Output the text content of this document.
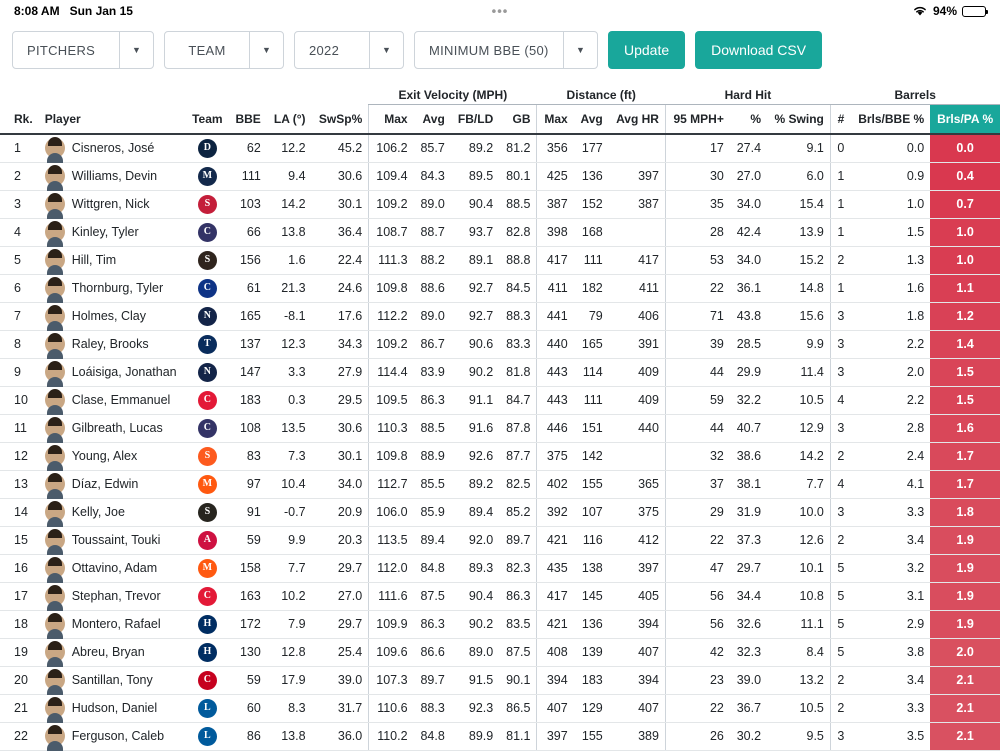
8:08 AM Sun Jan 15	•••	94%
PITCHERS	▼	TEAM	▼	2022	▼	MINIMUM BBE (50)	▼	Update	Download CSV
						Exit Velocity (MPH)				Distance (ft)			Hard Hit			Barrels		
Rk.	Player	Team	BBE	LA (°)	SwSp%	Max	Avg	FB/LD	GB	Max	Avg	Avg HR	95 MPH+	%	% Swing	#	Brls/BBE %	Brls/PA %
1	Cisneros, José	D	62	12.2	45.2	106.2	85.7	89.2	81.2	356	177		17	27.4	9.1	0	0.0	0.0
2	Williams, Devin	M	111	9.4	30.6	109.4	84.3	89.5	80.1	425	136	397	30	27.0	6.0	1	0.9	0.4
3	Wittgren, Nick	S	103	14.2	30.1	109.2	89.0	90.4	88.5	387	152	387	35	34.0	15.4	1	1.0	0.7
4	Kinley, Tyler	C	66	13.8	36.4	108.7	88.7	93.7	82.8	398	168		28	42.4	13.9	1	1.5	1.0
5	Hill, Tim	S	156	1.6	22.4	111.3	88.2	89.1	88.8	417	111	417	53	34.0	15.2	2	1.3	1.0
6	Thornburg, Tyler	C	61	21.3	24.6	109.8	88.6	92.7	84.5	411	182	411	22	36.1	14.8	1	1.6	1.1
7	Holmes, Clay	N	165	-8.1	17.6	112.2	89.0	92.7	88.3	441	79	406	71	43.8	15.6	3	1.8	1.2
8	Raley, Brooks	T	137	12.3	34.3	109.2	86.7	90.6	83.3	440	165	391	39	28.5	9.9	3	2.2	1.4
9	Loáisiga, Jonathan	N	147	3.3	27.9	114.4	83.9	90.2	81.8	443	114	409	44	29.9	11.4	3	2.0	1.5
10	Clase, Emmanuel	C	183	0.3	29.5	109.5	86.3	91.1	84.7	443	111	409	59	32.2	10.5	4	2.2	1.5
11	Gilbreath, Lucas	C	108	13.5	30.6	110.3	88.5	91.6	87.8	446	151	440	44	40.7	12.9	3	2.8	1.6
12	Young, Alex	S	83	7.3	30.1	109.8	88.9	92.6	87.7	375	142		32	38.6	14.2	2	2.4	1.7
13	Díaz, Edwin	M	97	10.4	34.0	112.7	85.5	89.2	82.5	402	155	365	37	38.1	7.7	4	4.1	1.7
14	Kelly, Joe	S	91	-0.7	20.9	106.0	85.9	89.4	85.2	392	107	375	29	31.9	10.0	3	3.3	1.8
15	Toussaint, Touki	A	59	9.9	20.3	113.5	89.4	92.0	89.7	421	116	412	22	37.3	12.6	2	3.4	1.9
16	Ottavino, Adam	M	158	7.7	29.7	112.0	84.8	89.3	82.3	435	138	397	47	29.7	10.1	5	3.2	1.9
17	Stephan, Trevor	C	163	10.2	27.0	111.6	87.5	90.4	86.3	417	145	405	56	34.4	10.8	5	3.1	1.9
18	Montero, Rafael	H	172	7.9	29.7	109.9	86.3	90.2	83.5	421	136	394	56	32.6	11.1	5	2.9	1.9
19	Abreu, Bryan	H	130	12.8	25.4	109.6	86.6	89.0	87.5	408	139	407	42	32.3	8.4	5	3.8	2.0
20	Santillan, Tony	C	59	17.9	39.0	107.3	89.7	91.5	90.1	394	183	394	23	39.0	13.2	2	3.4	2.1
21	Hudson, Daniel	L	60	8.3	31.7	110.6	88.3	92.3	86.5	407	129	407	22	36.7	10.5	2	3.3	2.1
22	Ferguson, Caleb	L	86	13.8	36.0	110.2	84.8	89.9	81.1	397	155	389	26	30.2	9.5	3	3.5	2.1
